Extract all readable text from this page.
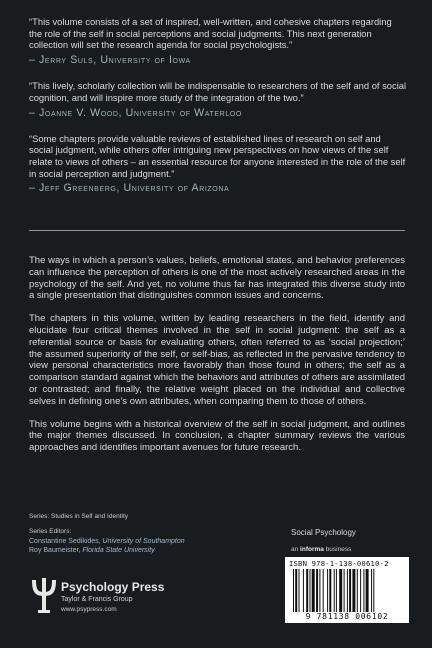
“This volume consists of a set of inspired, well-written, and cohesive chapters regarding the role of the self in social perceptions and social judgments. This next generation collection will set the research agenda for social psychologists.”

– Jerry Suls, University of Iowa

“This lively, scholarly collection will be indispensable to researchers of the self and of social cognition, and will inspire more study of the integration of the two.”

– Joanne V. Wood, University of Waterloo

“Some chapters provide valuable reviews of established lines of research on self and social judgment, while others offer intriguing new perspectives on how views of the self relate to views of others – an essential resource for anyone interested in the role of the self in social perception and judgment.”

– Jeff Greenberg, University of Arizona

The ways in which a person’s values, beliefs, emotional states, and behavior preferences can influence the perception of others is one of the most actively researched areas in the psychology of the self. And yet, no volume thus far has integrated this diverse study into a single presentation that distinguishes common issues and concerns.

The chapters in this volume, written by leading researchers in the field, identify and elucidate four critical themes involved in the self in social judgment: the self as a referential source or basis for evaluating others, often referred to as ‘social projection;’ the assumed superiority of the self, or self-bias, as reflected in the pervasive tendency to view personal characteristics more favorably than those found in others; the self as a comparison standard against which the behaviors and attributes of others are assimilated or contrasted; and finally, the relative weight placed on the individual and collective selves in defining one’s own attributes, when comparing them to those of others.

This volume begins with a historical overview of the self in social judgment, and outlines the major themes discussed. In conclusion, a chapter summary reviews the various approaches and identifies important avenues for future research.

Series: Studies in Self and Identity
Series Editors:
Constantine Sedikides, University of Southampton
Roy Baumeister, Florida State University
Psychology Press
Taylor & Francis Group
www.psypress.com
Social Psychology
an informa business
ISBN 978-1-138-00610-2
9 781138 006102
